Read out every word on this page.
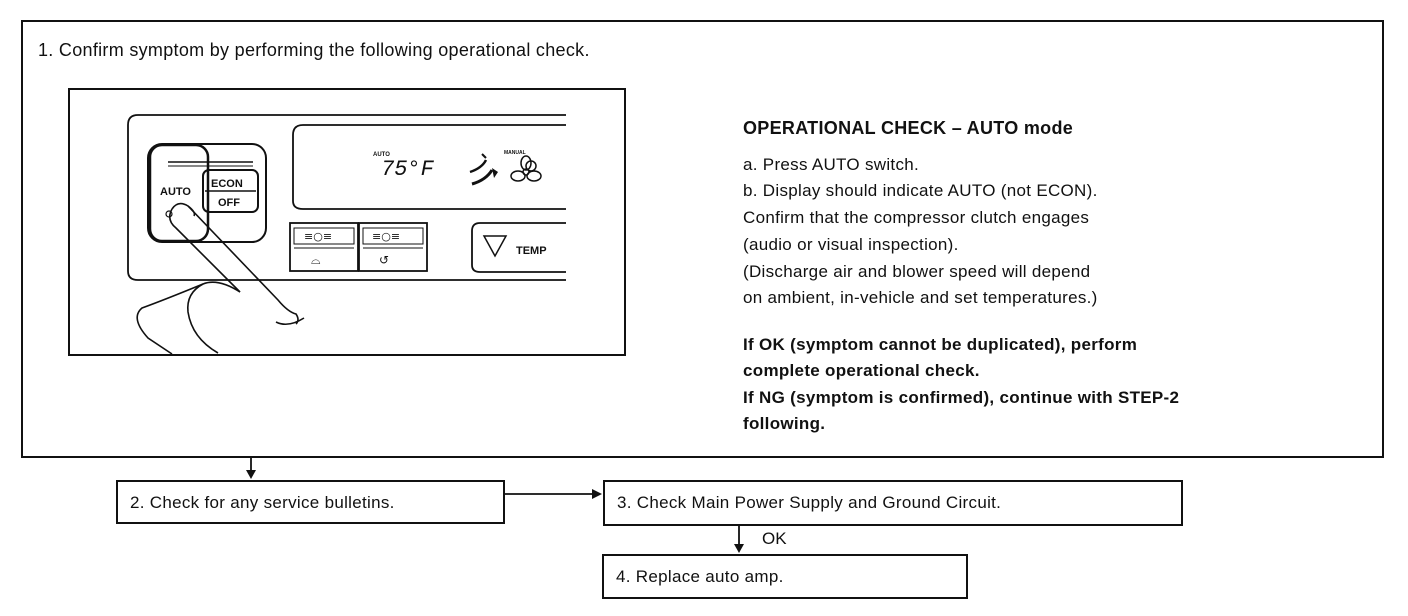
1. Confirm symptom by performing the following operational check.
AUTO
ECON
OFF
AUTO
75°F
MANUAL
≡○≡
⌓
≡○≡
↺
TEMP
OPERATIONAL CHECK – AUTO mode
a. Press AUTO switch.
b. Display should indicate AUTO (not ECON).
Confirm that the compressor clutch engages
(audio or visual inspection).
(Discharge air and blower speed will depend
on ambient, in-vehicle and set temperatures.)
If OK (symptom cannot be duplicated), perform
complete operational check.
If NG (symptom is confirmed), continue with STEP-2
following.
2. Check for any service bulletins.	3. Check Main Power Supply and Ground Circuit.
4. Replace auto amp.
OK
